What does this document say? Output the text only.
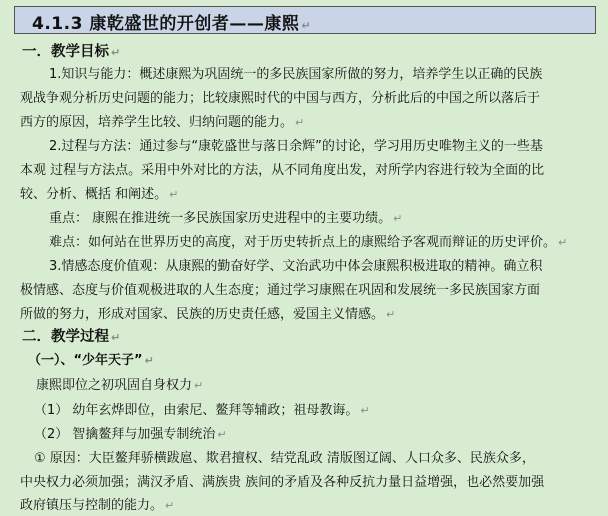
4.1.3 康乾盛世的开创者——康熙 ↵
一．教学目标 ↵
1.知识与能力：概述康熙为巩固统一的多民族国家所做的努力，培养学生以正确的民族
观战争观分析历史问题的能力；比较康熙时代的中国与西方，分析此后的中国之所以落后于
西方的原因，培养学生比较、归纳问题的能力。 ↵
2.过程与方法：通过参与“康乾盛世与落日余辉”的讨论，学习用历史唯物主义的一些基
本观 过程与方法点。采用中外对比的方法，从不同角度出发，对所学内容进行较为全面的比
较、分析、概括 和阐述。 ↵
重点： 康熙在推进统一多民族国家历史进程中的主要功绩。 ↵
难点：如何站在世界历史的高度，对于历史转折点上的康熙给予客观而辩证的历史评价。 ↵
3.情感态度价值观：从康熙的勤奋好学、文治武功中体会康熙积极进取的精神。确立积
极情感、态度与价值观极进取的人生态度；通过学习康熙在巩固和发展统一多民族国家方面
所做的努力，形成对国家、民族的历史责任感，爱国主义情感。 ↵
二．教学过程 ↵
（一）、“少年天子” ↵
康熙即位之初巩固自身权力 ↵
（1） 幼年玄烨即位，由索尼、鳌拜等辅政；祖母教诲。 ↵
（2） 智擒鳌拜与加强专制统治 ↵
① 原因：大臣鳌拜骄横跋扈、欺君擅权、结党乱政 清版图辽阔、人口众多、民族众多，
中央权力必须加强；满汉矛盾、满族贵 族间的矛盾及各种反抗力量日益增强，也必然要加强
政府镇压与控制的能力。 ↵
